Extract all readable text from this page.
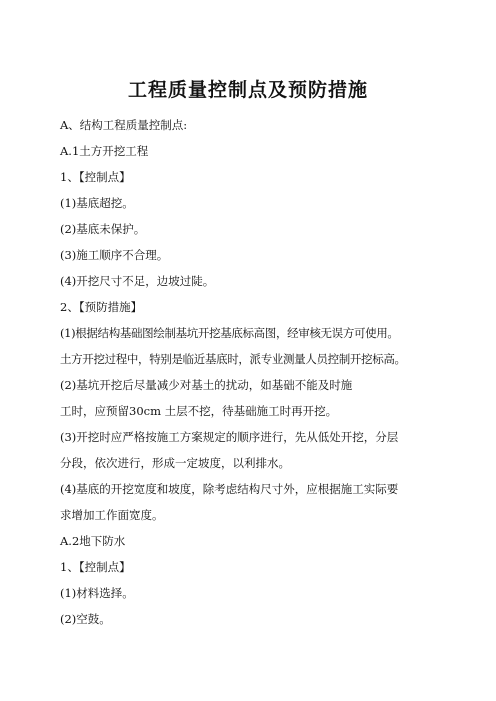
工程质量控制点及预防措施
A、结构工程质量控制点:
A.1土方开挖工程
1、【控制点】
(1)基底超挖。
(2)基底未保护。
(3)施工顺序不合理。
(4)开挖尺寸不足，边坡过陡。
2、【预防措施】
(1)根据结构基础图绘制基坑开挖基底标高图，经审核无误方可使用。
土方开挖过程中，特别是临近基底时，派专业测量人员控制开挖标高。
(2)基坑开挖后尽量减少对基土的扰动，如基础不能及时施
工时，应预留30cm 土层不挖，待基础施工时再开挖。
(3)开挖时应严格按施工方案规定的顺序进行，先从低处开挖，分层
分段，依次进行，形成一定坡度，以利排水。
(4)基底的开挖宽度和坡度，除考虑结构尺寸外，应根据施工实际要
求增加工作面宽度。
A.2地下防水
1、【控制点】
(1)材料选择。
(2)空鼓。
